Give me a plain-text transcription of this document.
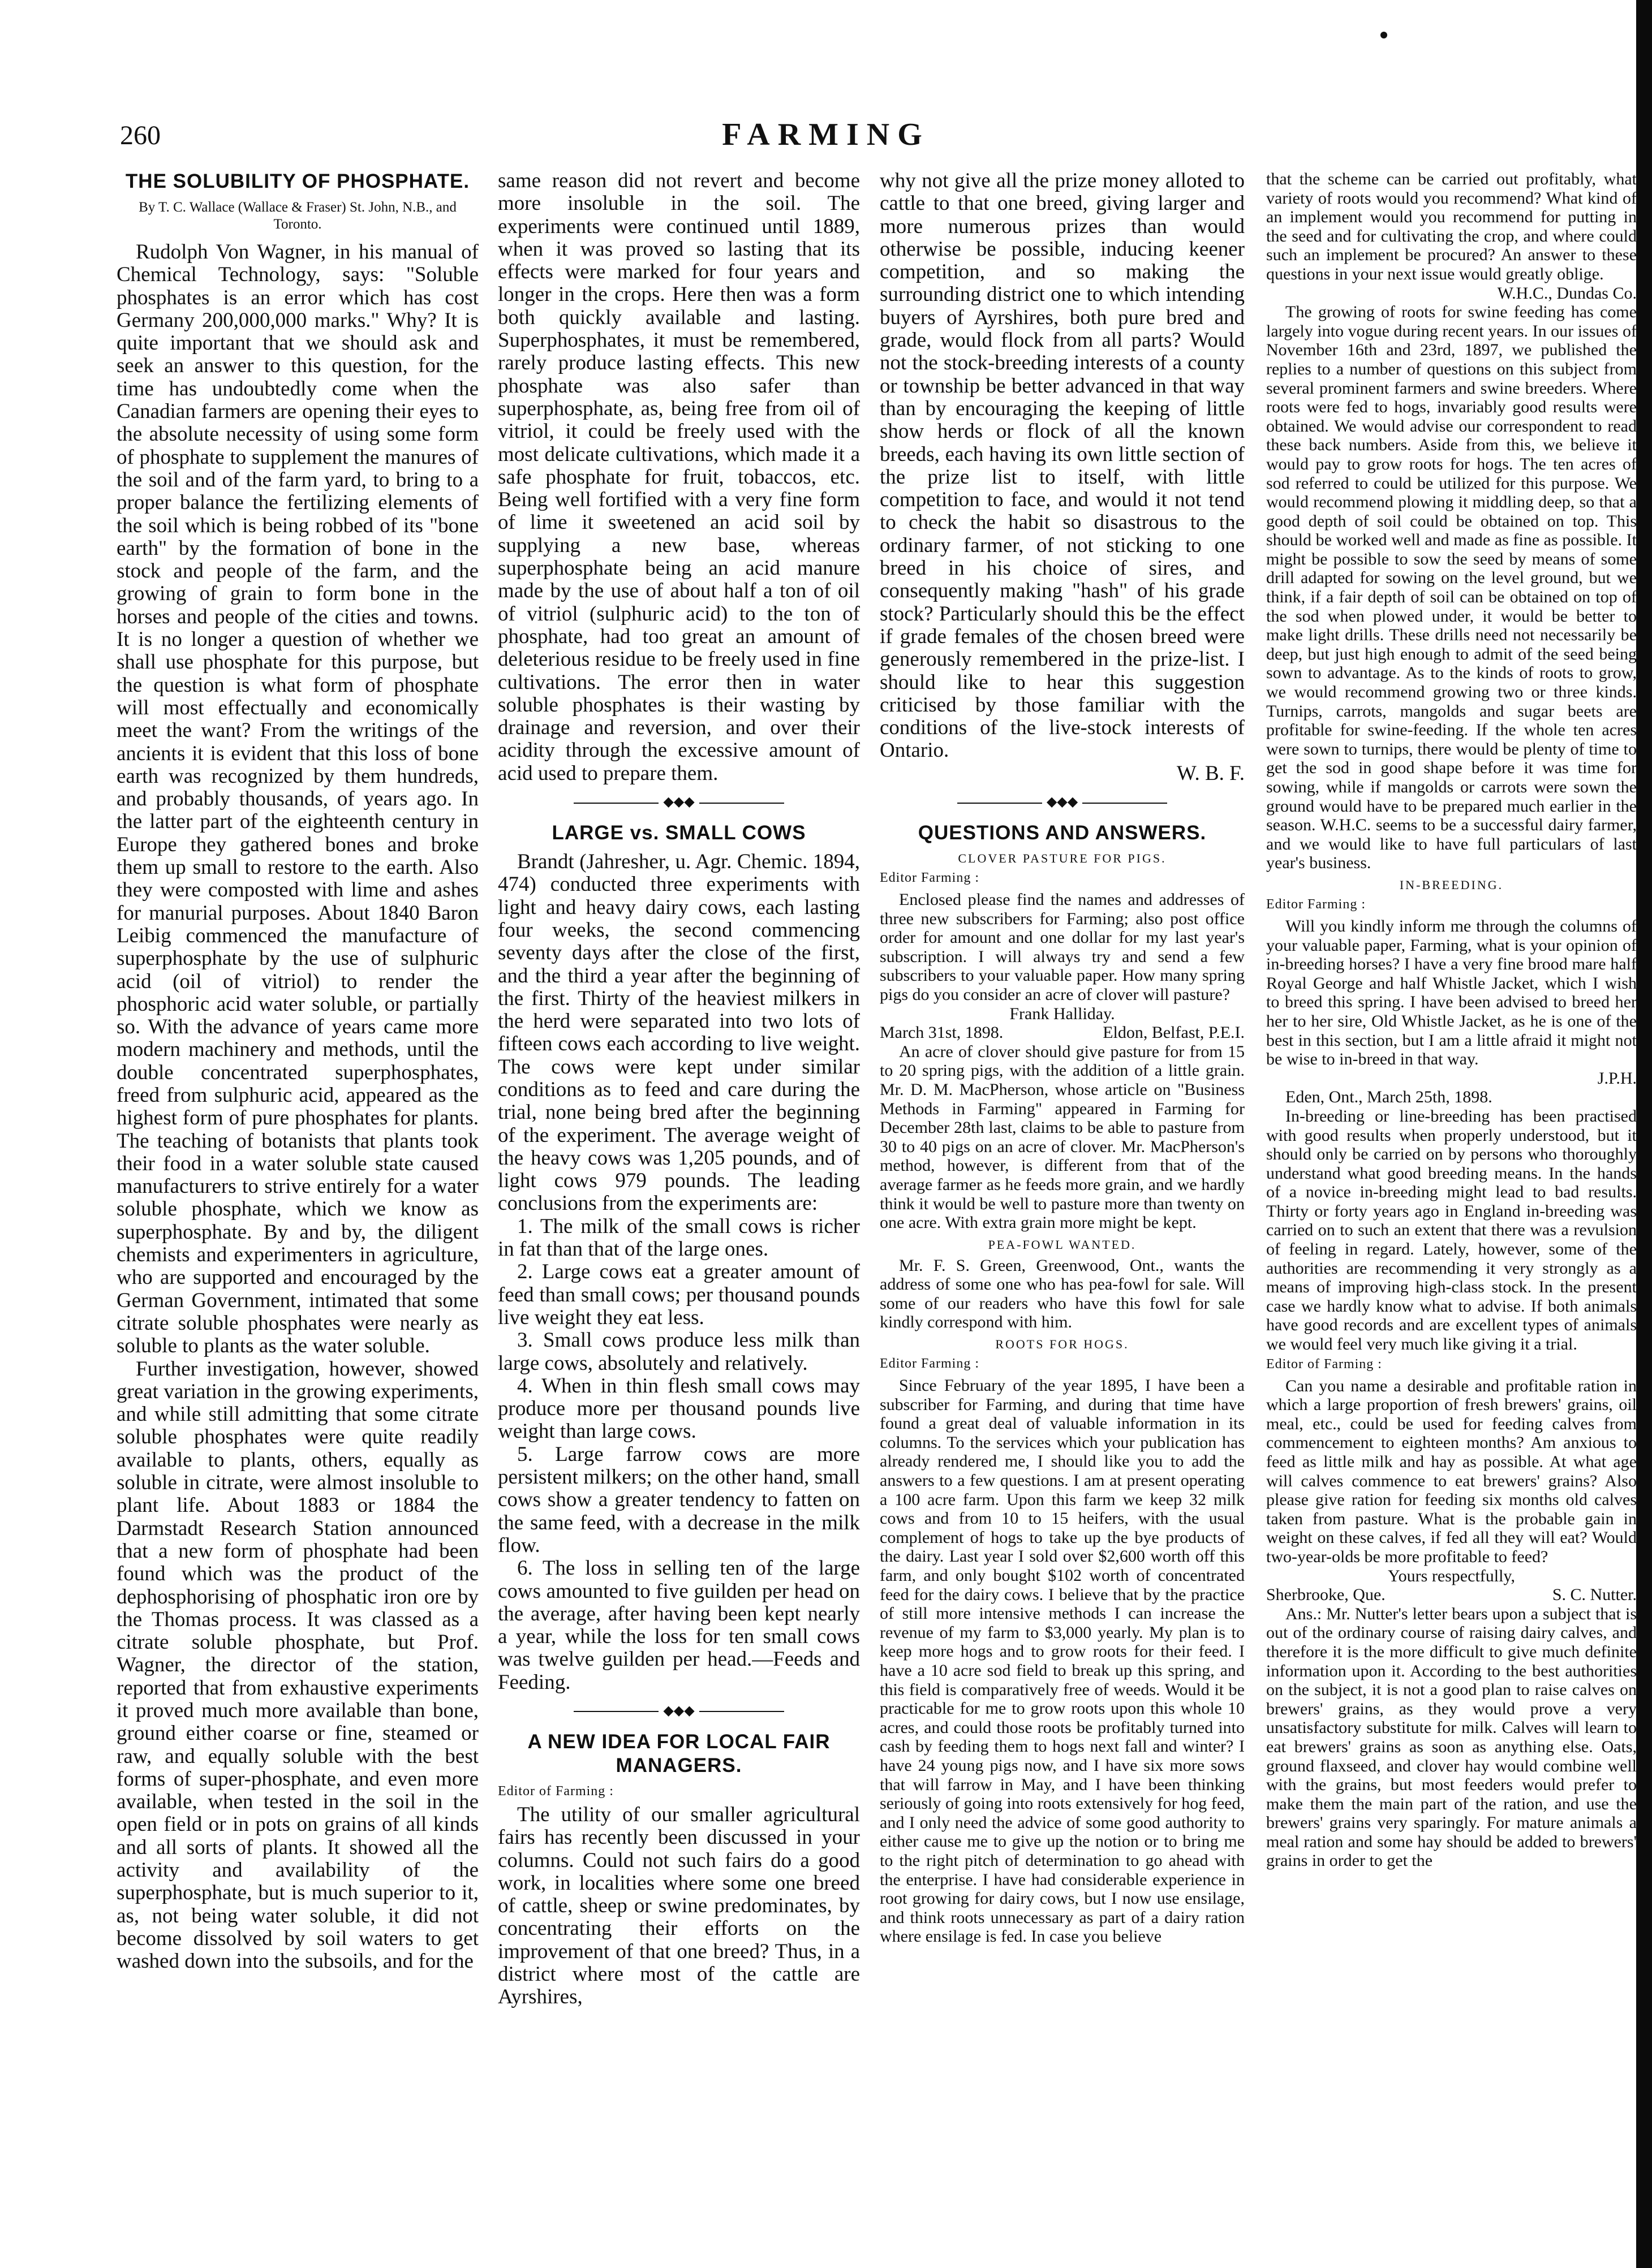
260	FARMING
THE SOLUBILITY OF PHOSPHATE.
By T. C. Wallace (Wallace & Fraser) St. John, N.B., and Toronto.

Rudolph Von Wagner, in his manual of Chemical Technology, says: "Soluble phosphates is an error which has cost Germany 200,000,000 marks." Why? It is quite important that we should ask and seek an answer to this question, for the time has undoubtedly come when the Canadian farmers are opening their eyes to the absolute necessity of using some form of phosphate to supplement the manures of the soil and of the farm yard, to bring to a proper balance the fertilizing elements of the soil which is being robbed of its "bone earth" by the formation of bone in the stock and people of the farm, and the growing of grain to form bone in the horses and people of the cities and towns. It is no longer a question of whether we shall use phosphate for this purpose, but the question is what form of phosphate will most effectually and economically meet the want? From the writings of the ancients it is evident that this loss of bone earth was recognized by them hundreds, and probably thousands, of years ago. In the latter part of the eighteenth century in Europe they gathered bones and broke them up small to restore to the earth. Also they were composted with lime and ashes for manurial purposes. About 1840 Baron Leibig commenced the manufacture of superphosphate by the use of sulphuric acid (oil of vitriol) to render the phosphoric acid water soluble, or partially so. With the advance of years came more modern machinery and methods, until the double concentrated superphosphates, freed from sulphuric acid, appeared as the highest form of pure phosphates for plants. The teaching of botanists that plants took their food in a water soluble state caused manufacturers to strive entirely for a water soluble phosphate, which we know as superphosphate. By and by, the diligent chemists and experimenters in agriculture, who are supported and encouraged by the German Government, intimated that some citrate soluble phosphates were nearly as soluble to plants as the water soluble.

Further investigation, however, showed great variation in the growing experiments, and while still admitting that some citrate soluble phosphates were quite readily available to plants, others, equally as soluble in citrate, were almost insoluble to plant life. About 1883 or 1884 the Darmstadt Research Station announced that a new form of phosphate had been found which was the product of the dephosphorising of phosphatic iron ore by the Thomas process. It was classed as a citrate soluble phosphate, but Prof. Wagner, the director of the station, reported that from exhaustive experiments it proved much more available than bone, ground either coarse or fine, steamed or raw, and equally soluble with the best forms of super-phosphate, and even more available, when tested in the soil in the open field or in pots on grains of all kinds and all sorts of plants. It showed all the activity and availability of the superphosphate, but is much superior to it, as, not being water soluble, it did not become dissolved by soil waters to get washed down into the subsoils, and for the

same reason did not revert and become more insoluble in the soil. The experiments were continued until 1889, when it was proved so lasting that its effects were marked for four years and longer in the crops. Here then was a form both quickly available and lasting. Superphosphates, it must be remembered, rarely produce lasting effects. This new phosphate was also safer than superphosphate, as, being free from oil of vitriol, it could be freely used with the most delicate cultivations, which made it a safe phosphate for fruit, tobaccos, etc. Being well fortified with a very fine form of lime it sweetened an acid soil by supplying a new base, whereas superphosphate being an acid manure made by the use of about half a ton of oil of vitriol (sulphuric acid) to the ton of phosphate, had too great an amount of deleterious residue to be freely used in fine cultivations. The error then in water soluble phosphates is their wasting by drainage and reversion, and over their acidity through the excessive amount of acid used to prepare them.

◆◆◆
LARGE vs. SMALL COWS

Brandt (Jahresher, u. Agr. Chemic. 1894, 474) conducted three experiments with light and heavy dairy cows, each lasting four weeks, the second commencing seventy days after the close of the first, and the third a year after the beginning of the first. Thirty of the heaviest milkers in the herd were separated into two lots of fifteen cows each according to live weight. The cows were kept under similar conditions as to feed and care during the trial, none being bred after the beginning of the experiment. The average weight of the heavy cows was 1,205 pounds, and of light cows 979 pounds. The leading conclusions from the experiments are:

1. The milk of the small cows is richer in fat than that of the large ones.

2. Large cows eat a greater amount of feed than small cows; per thousand pounds live weight they eat less.

3. Small cows produce less milk than large cows, absolutely and relatively.

4. When in thin flesh small cows may produce more per thousand pounds live weight than large cows.

5. Large farrow cows are more persistent milkers; on the other hand, small cows show a greater tendency to fatten on the same feed, with a decrease in the milk flow.

6. The loss in selling ten of the large cows amounted to five guilden per head on the average, after having been kept nearly a year, while the loss for ten small cows was twelve guilden per head.—Feeds and Feeding.

◆◆◆
A NEW IDEA FOR LOCAL FAIR MANAGERS.
Editor of Farming :

The utility of our smaller agricultural fairs has recently been discussed in your columns. Could not such fairs do a good work, in localities where some one breed of cattle, sheep or swine predominates, by concentrating their efforts on the improvement of that one breed? Thus, in a district where most of the cattle are Ayrshires,

why not give all the prize money alloted to cattle to that one breed, giving larger and more numerous prizes than would otherwise be possible, inducing keener competition, and so making the surrounding district one to which intending buyers of Ayrshires, both pure bred and grade, would flock from all parts? Would not the stock-breeding interests of a county or township be better advanced in that way than by encouraging the keeping of little show herds or flock of all the known breeds, each having its own little section of the prize list to itself, with little competition to face, and would it not tend to check the habit so disastrous to the ordinary farmer, of not sticking to one breed in his choice of sires, and consequently making "hash" of his grade stock? Particularly should this be the effect if grade females of the chosen breed were generously remembered in the prize-list. I should like to hear this suggestion criticised by those familiar with the conditions of the live-stock interests of Ontario.

W. B. F.
◆◆◆
QUESTIONS AND ANSWERS.
CLOVER PASTURE FOR PIGS.
Editor Farming :

Enclosed please find the names and addresses of three new subscribers for Farming; also post office order for amount and one dollar for my last year's subscription. I will always try and send a few subscribers to your valuable paper. How many spring pigs do you consider an acre of clover will pasture?

Frank Halliday.

March 31st, 1898.	Eldon, Belfast, P.E.I.

An acre of clover should give pasture for from 15 to 20 spring pigs, with the addition of a little grain. Mr. D. M. MacPherson, whose article on "Business Methods in Farming" appeared in Farming for December 28th last, claims to be able to pasture from 30 to 40 pigs on an acre of clover. Mr. MacPherson's method, however, is different from that of the average farmer as he feeds more grain, and we hardly think it would be well to pasture more than twenty on one acre. With extra grain more might be kept.

PEA-FOWL WANTED.

Mr. F. S. Green, Greenwood, Ont., wants the address of some one who has pea-fowl for sale. Will some of our readers who have this fowl for sale kindly correspond with him.

ROOTS FOR HOGS.
Editor Farming :

Since February of the year 1895, I have been a subscriber for Farming, and during that time have found a great deal of valuable information in its columns. To the services which your publication has already rendered me, I should like you to add the answers to a few questions. I am at present operating a 100 acre farm. Upon this farm we keep 32 milk cows and from 10 to 15 heifers, with the usual complement of hogs to take up the bye products of the dairy. Last year I sold over $2,600 worth off this farm, and only bought $102 worth of concentrated feed for the dairy cows. I believe that by the practice of still more intensive methods I can increase the revenue of my farm to $3,000 yearly. My plan is to keep more hogs and to grow roots for their feed. I have a 10 acre sod field to break up this spring, and this field is comparatively free of weeds. Would it be practicable for me to grow roots upon this whole 10 acres, and could those roots be profitably turned into cash by feeding them to hogs next fall and winter? I have 24 young pigs now, and I have six more sows that will farrow in May, and I have been thinking seriously of going into roots extensively for hog feed, and I only need the advice of some good authority to either cause me to give up the notion or to bring me to the right pitch of determination to go ahead with the enterprise. I have had considerable experience in root growing for dairy cows, but I now use ensilage, and think roots unnecessary as part of a dairy ration where ensilage is fed. In case you believe

that the scheme can be carried out profitably, what variety of roots would you recommend? What kind of an implement would you recommend for putting in the seed and for cultivating the crop, and where could such an implement be procured? An answer to these questions in your next issue would greatly oblige.

W.H.C., Dundas Co.

The growing of roots for swine feeding has come largely into vogue during recent years. In our issues of November 16th and 23rd, 1897, we published the replies to a number of questions on this subject from several prominent farmers and swine breeders. Where roots were fed to hogs, invariably good results were obtained. We would advise our correspondent to read these back numbers. Aside from this, we believe it would pay to grow roots for hogs. The ten acres of sod referred to could be utilized for this purpose. We would recommend plowing it middling deep, so that a good depth of soil could be obtained on top. This should be worked well and made as fine as possible. It might be possible to sow the seed by means of some drill adapted for sowing on the level ground, but we think, if a fair depth of soil can be obtained on top of the sod when plowed under, it would be better to make light drills. These drills need not necessarily be deep, but just high enough to admit of the seed being sown to advantage. As to the kinds of roots to grow, we would recommend growing two or three kinds. Turnips, carrots, mangolds and sugar beets are profitable for swine-feeding. If the whole ten acres were sown to turnips, there would be plenty of time to get the sod in good shape before it was time for sowing, while if mangolds or carrots were sown the ground would have to be prepared much earlier in the season. W.H.C. seems to be a successful dairy farmer, and we would like to have full particulars of last year's business.

IN-BREEDING.
Editor Farming :

Will you kindly inform me through the columns of your valuable paper, Farming, what is your opinion of in-breeding horses? I have a very fine brood mare half Royal George and half Whistle Jacket, which I wish to breed this spring. I have been advised to breed her her to her sire, Old Whistle Jacket, as he is one of the best in this section, but I am a little afraid it might not be wise to in-breed in that way.

J.P.H.

Eden, Ont., March 25th, 1898.

In-breeding or line-breeding has been practised with good results when properly understood, but it should only be carried on by persons who thoroughly understand what good breeding means. In the hands of a novice in-breeding might lead to bad results. Thirty or forty years ago in England in-breeding was carried on to such an extent that there was a revulsion of feeling in regard. Lately, however, some of the authorities are recommending it very strongly as a means of improving high-class stock. In the present case we hardly know what to advise. If both animals have good records and are excellent types of animals we would feel very much like giving it a trial.

Editor of Farming :

Can you name a desirable and profitable ration in which a large proportion of fresh brewers' grains, oil meal, etc., could be used for feeding calves from commencement to eighteen months? Am anxious to feed as little milk and hay as possible. At what age will calves commence to eat brewers' grains? Also please give ration for feeding six months old calves taken from pasture. What is the probable gain in weight on these calves, if fed all they will eat? Would two-year-olds be more profitable to feed?

Yours respectfully,

Sherbrooke, Que.	S. C. Nutter.

Ans.: Mr. Nutter's letter bears upon a subject that is out of the ordinary course of raising dairy calves, and therefore it is the more difficult to give much definite information upon it. According to the best authorities on the subject, it is not a good plan to raise calves on brewers' grains, as they would prove a very unsatisfactory substitute for milk. Calves will learn to eat brewers' grains as soon as anything else. Oats, ground flaxseed, and clover hay would combine well with the grains, but most feeders would prefer to make them the main part of the ration, and use the brewers' grains very sparingly. For mature animals a meal ration and some hay should be added to brewers' grains in order to get the
